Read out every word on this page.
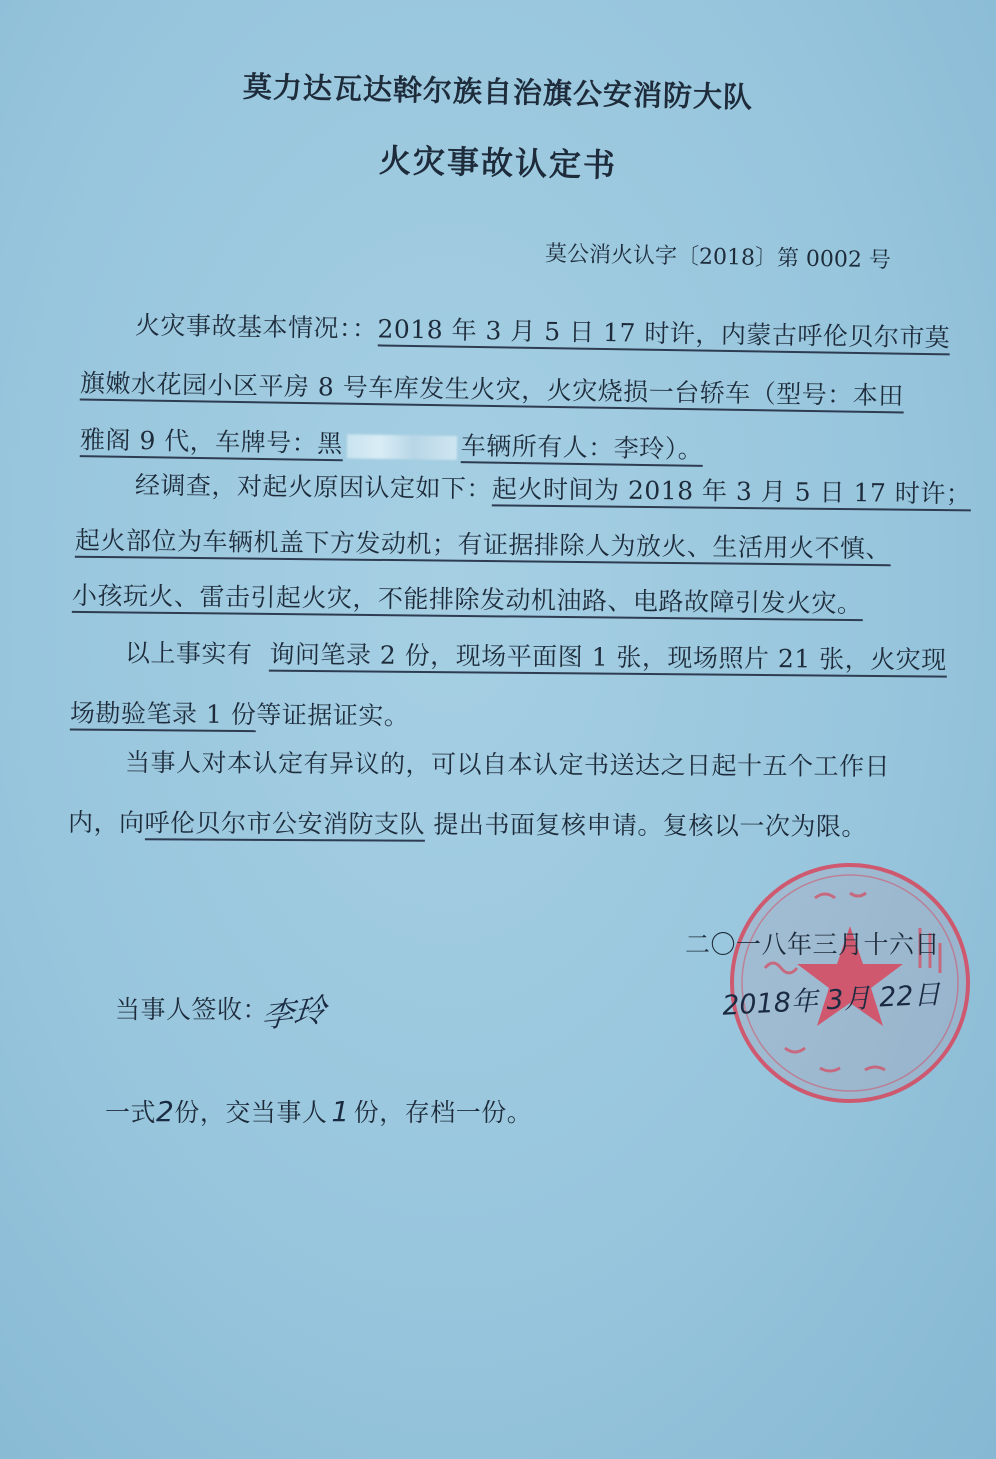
莫力达瓦达斡尔族自治旗公安消防大队
火灾事故认定书
莫公消火认字〔2018〕第 0002 号
火灾事故基本情况：：2018 年 3 月 5 日 17 时许，内蒙古呼伦贝尔市莫
旗嫩水花园小区平房 8 号车库发生火灾，火灾烧损一台轿车（型号：本田
雅阁 9 代，车牌号：黑	车辆所有人：李玲）。
经调查，对起火原因认定如下：起火时间为 2018 年 3 月 5 日 17 时许；
起火部位为车辆机盖下方发动机；有证据排除人为放火、生活用火不慎、
小孩玩火、雷击引起火灾，不能排除发动机油路、电路故障引发火灾。
以上事实有 询问笔录 2 份，现场平面图 1 张，现场照片 21 张，火灾现
场勘验笔录 1 份等证据证实。
当事人对本认定有异议的，可以自本认定书送达之日起十五个工作日
内，向呼伦贝尔市公安消防支队 提出书面复核申请。复核以一次为限。
二〇一八年三月十六日
2018年 3月 22日
当事人签收：
李玲
一式2份，交当事人 1 份，存档一份。
